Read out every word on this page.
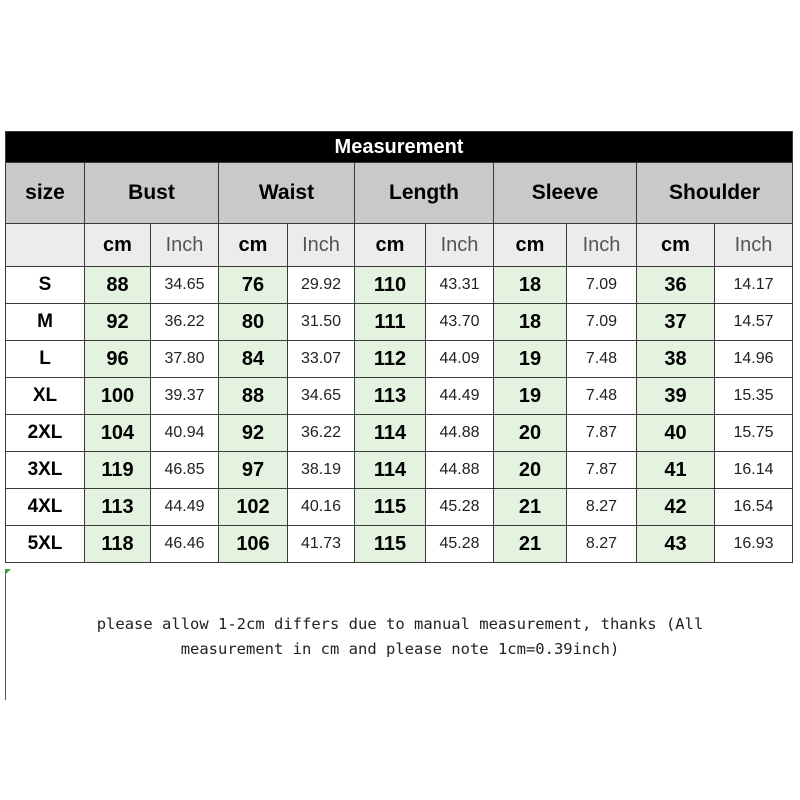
Measurement										
size	Bust		Waist		Length		Sleeve		Shoulder	
	cm	Inch	cm	Inch	cm	Inch	cm	Inch	cm	Inch
S	88	34.65	76	29.92	110	43.31	18	7.09	36	14.17
M	92	36.22	80	31.50	111	43.70	18	7.09	37	14.57
L	96	37.80	84	33.07	112	44.09	19	7.48	38	14.96
XL	100	39.37	88	34.65	113	44.49	19	7.48	39	15.35
2XL	104	40.94	92	36.22	114	44.88	20	7.87	40	15.75
3XL	119	46.85	97	38.19	114	44.88	20	7.87	41	16.14
4XL	113	44.49	102	40.16	115	45.28	21	8.27	42	16.54
5XL	118	46.46	106	41.73	115	45.28	21	8.27	43	16.93
please allow 1-2cm differs due to manual measurement, thanks (All
measurement in cm and please note 1cm=0.39inch)
